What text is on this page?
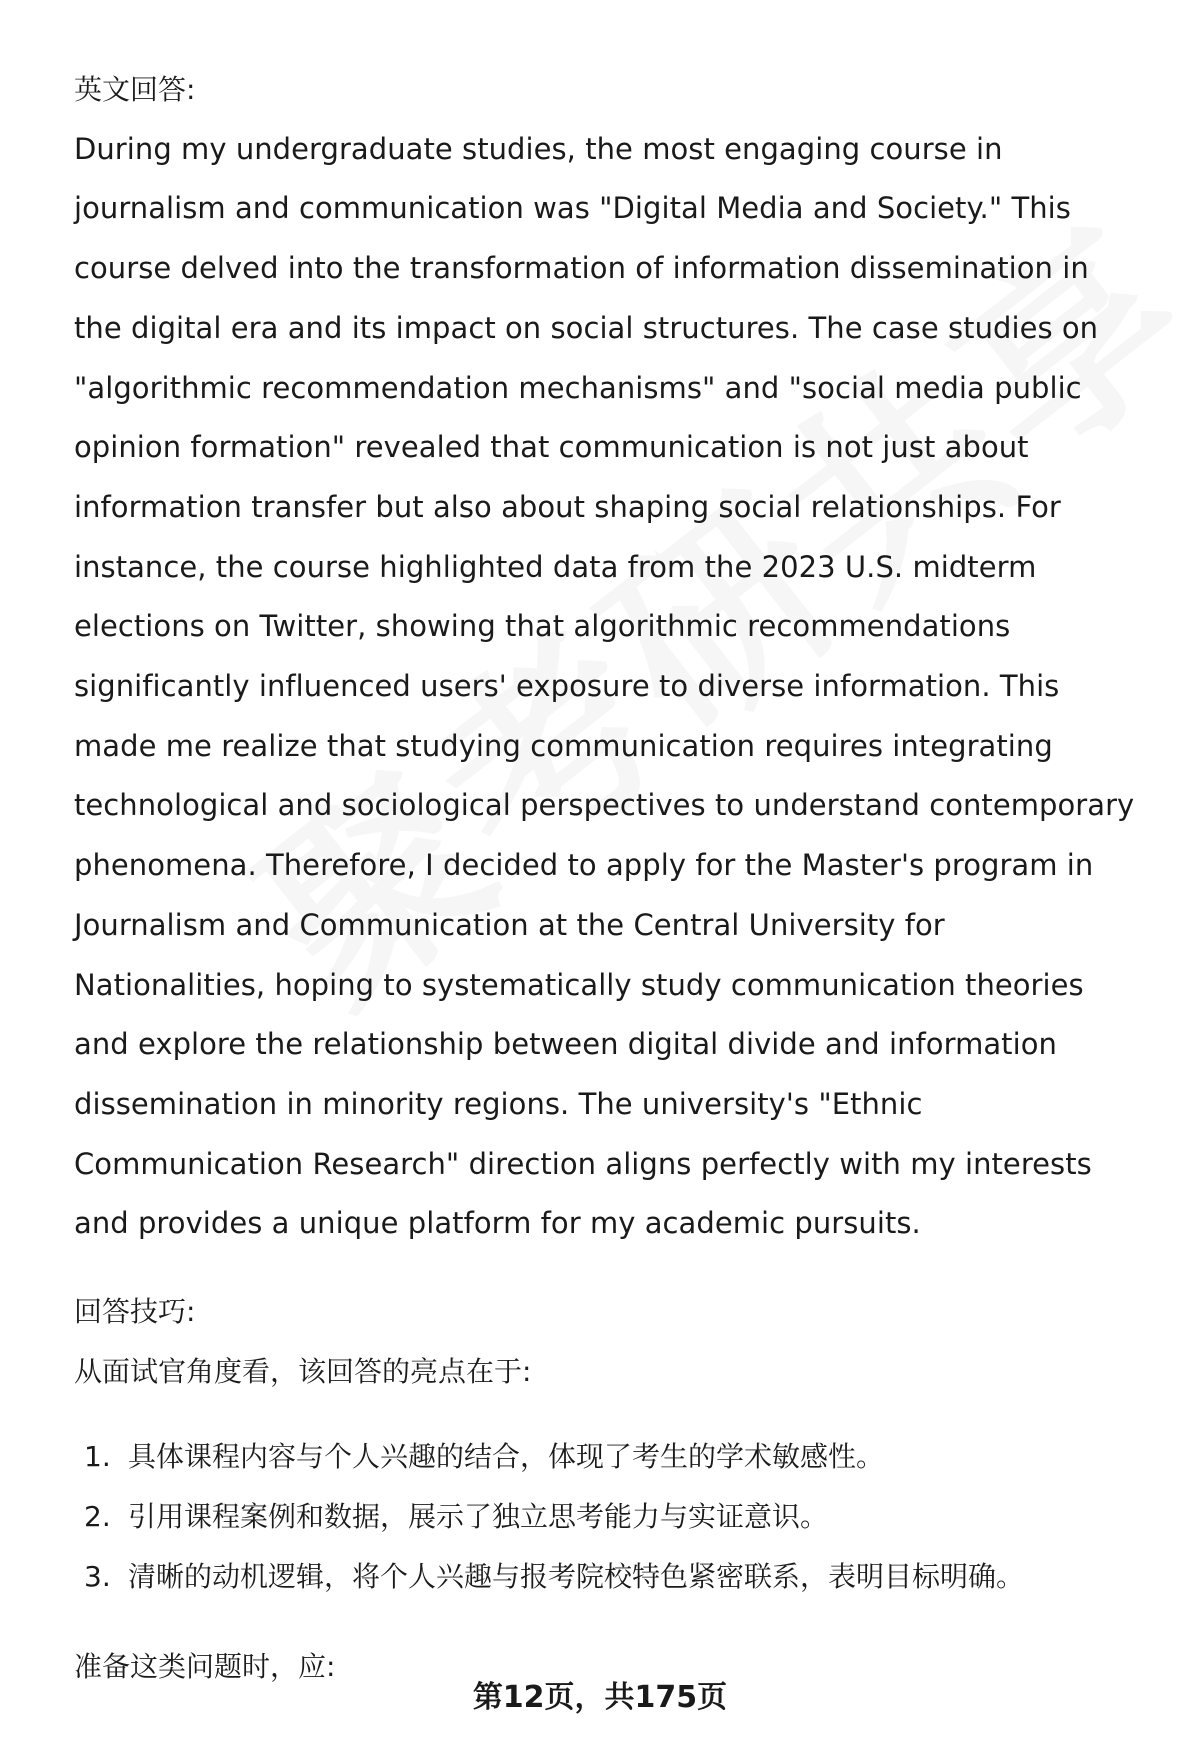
英文回答:

During my undergraduate studies, the most engaging course in journalism and communication was "Digital Media and Society." This course delved into the transformation of information dissemination in the digital era and its impact on social structures. The case studies on "algorithmic recommendation mechanisms" and "social media public opinion formation" revealed that communication is not just about information transfer but also about shaping social relationships. For instance, the course highlighted data from the 2023 U.S. midterm elections on Twitter, showing that algorithmic recommendations significantly influenced users' exposure to diverse information. This made me realize that studying communication requires integrating technological and sociological perspectives to understand contemporary phenomena. Therefore, I decided to apply for the Master's program in Journalism and Communication at the Central University for Nationalities, hoping to systematically study communication theories and explore the relationship between digital divide and information dissemination in minority regions. The university's "Ethnic Communication Research" direction aligns perfectly with my interests and provides a unique platform for my academic pursuits.

回答技巧:

从面试官角度看，该回答的亮点在于:

1. 具体课程内容与个人兴趣的结合，体现了考生的学术敏感性。
2. 引用课程案例和数据，展示了独立思考能力与实证意识。
3. 清晰的动机逻辑，将个人兴趣与报考院校特色紧密联系，表明目标明确。

准备这类问题时，应:

第12页，共175页
